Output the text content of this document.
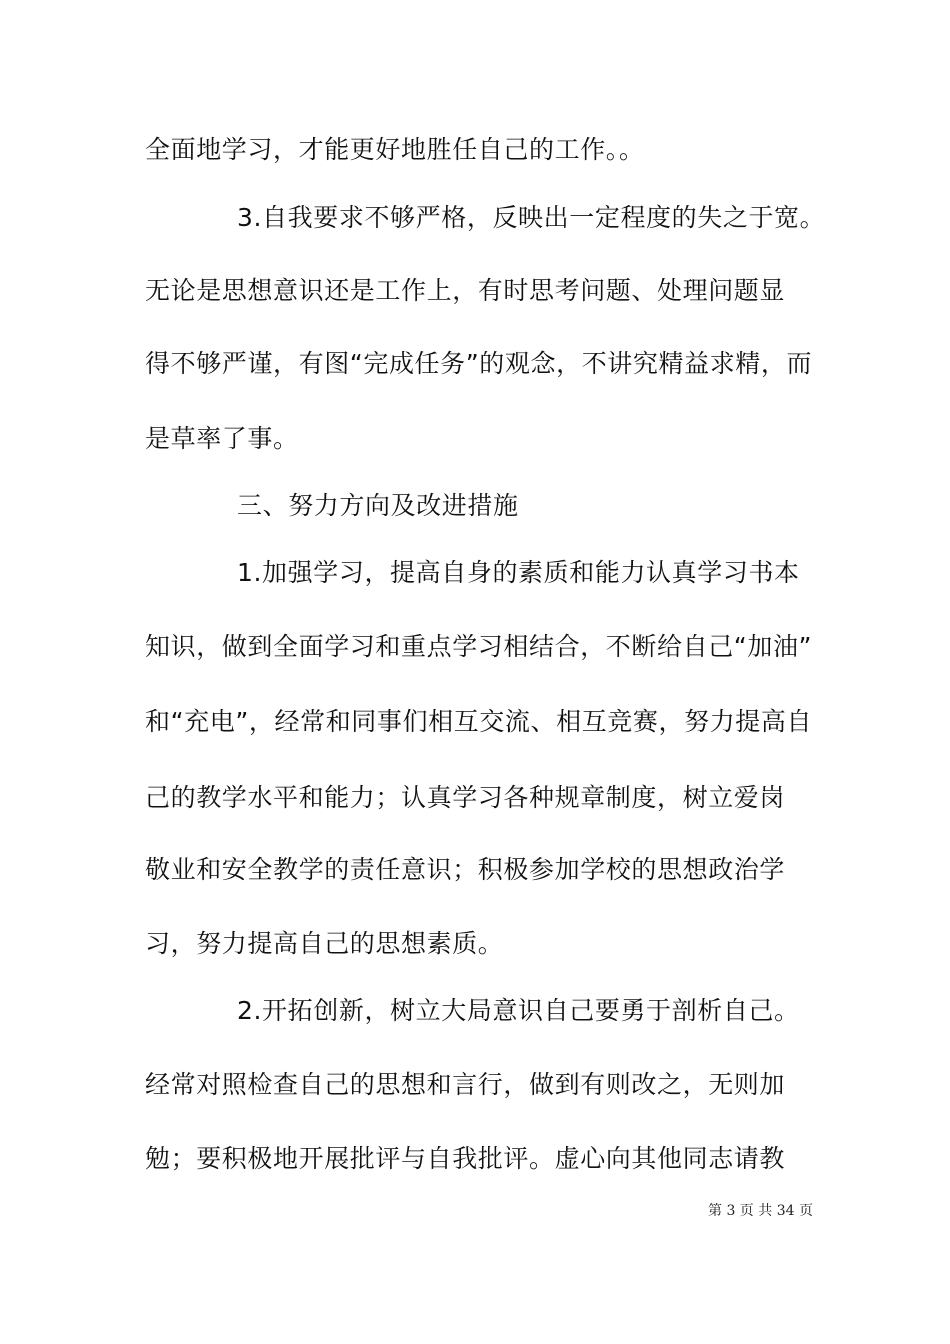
全面地学习，才能更好地胜任自己的工作。。
3.自我要求不够严格，反映出一定程度的失之于宽。
无论是思想意识还是工作上，有时思考问题、处理问题显
得不够严谨，有图“完成任务”的观念，不讲究精益求精，而
是草率了事。
三、努力方向及改进措施
1.加强学习，提高自身的素质和能力认真学习书本
知识，做到全面学习和重点学习相结合，不断给自己“加油”
和“充电”，经常和同事们相互交流、相互竞赛，努力提高自
己的教学水平和能力；认真学习各种规章制度，树立爱岗
敬业和安全教学的责任意识；积极参加学校的思想政治学
习，努力提高自己的思想素质。
2.开拓创新，树立大局意识自己要勇于剖析自己。
经常对照检查自己的思想和言行，做到有则改之，无则加
勉；要积极地开展批评与自我批评。虚心向其他同志请教
第 3 页 共 34 页
